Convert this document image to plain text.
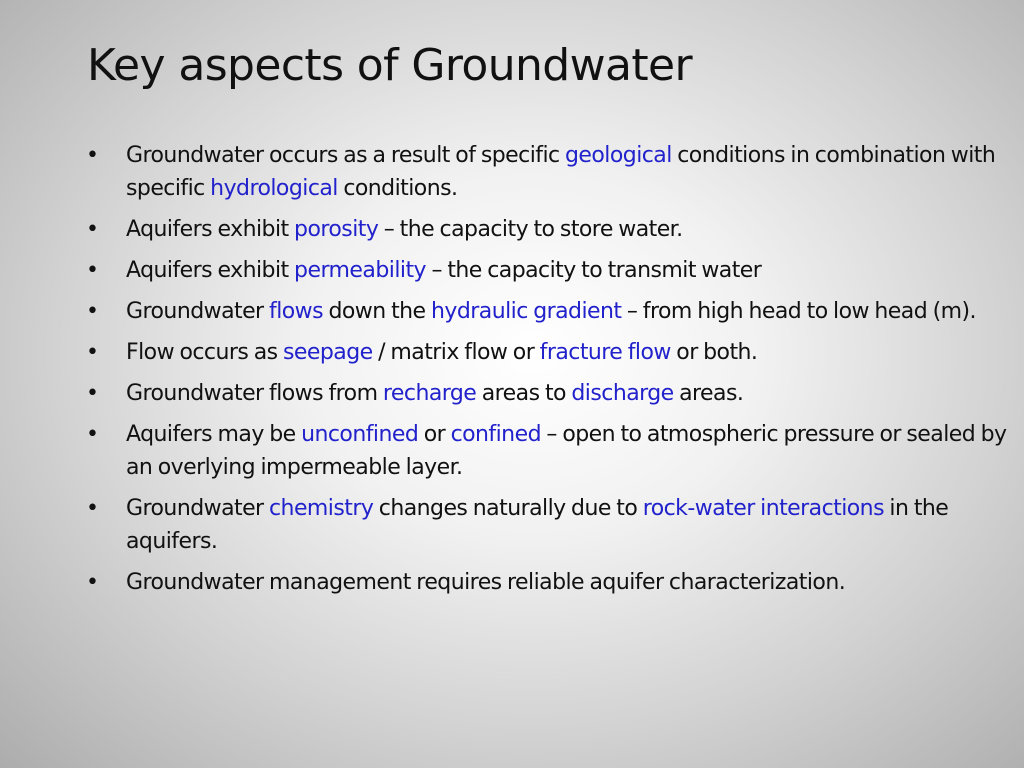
Key aspects of Groundwater
•	Groundwater occurs as a result of specific geological conditions in combination with specific hydrological conditions.
•	Aquifers exhibit porosity – the capacity to store water.
•	Aquifers exhibit permeability – the capacity to transmit water
•	Groundwater flows down the hydraulic gradient – from high head to low head (m).
•	Flow occurs as seepage / matrix flow or fracture flow or both.
•	Groundwater flows from recharge areas to discharge areas.
•	Aquifers may be unconfined or confined – open to atmospheric pressure or sealed by an overlying impermeable layer.
•	Groundwater chemistry changes naturally due to rock-water interactions in the aquifers.
•	Groundwater management requires reliable aquifer characterization.
